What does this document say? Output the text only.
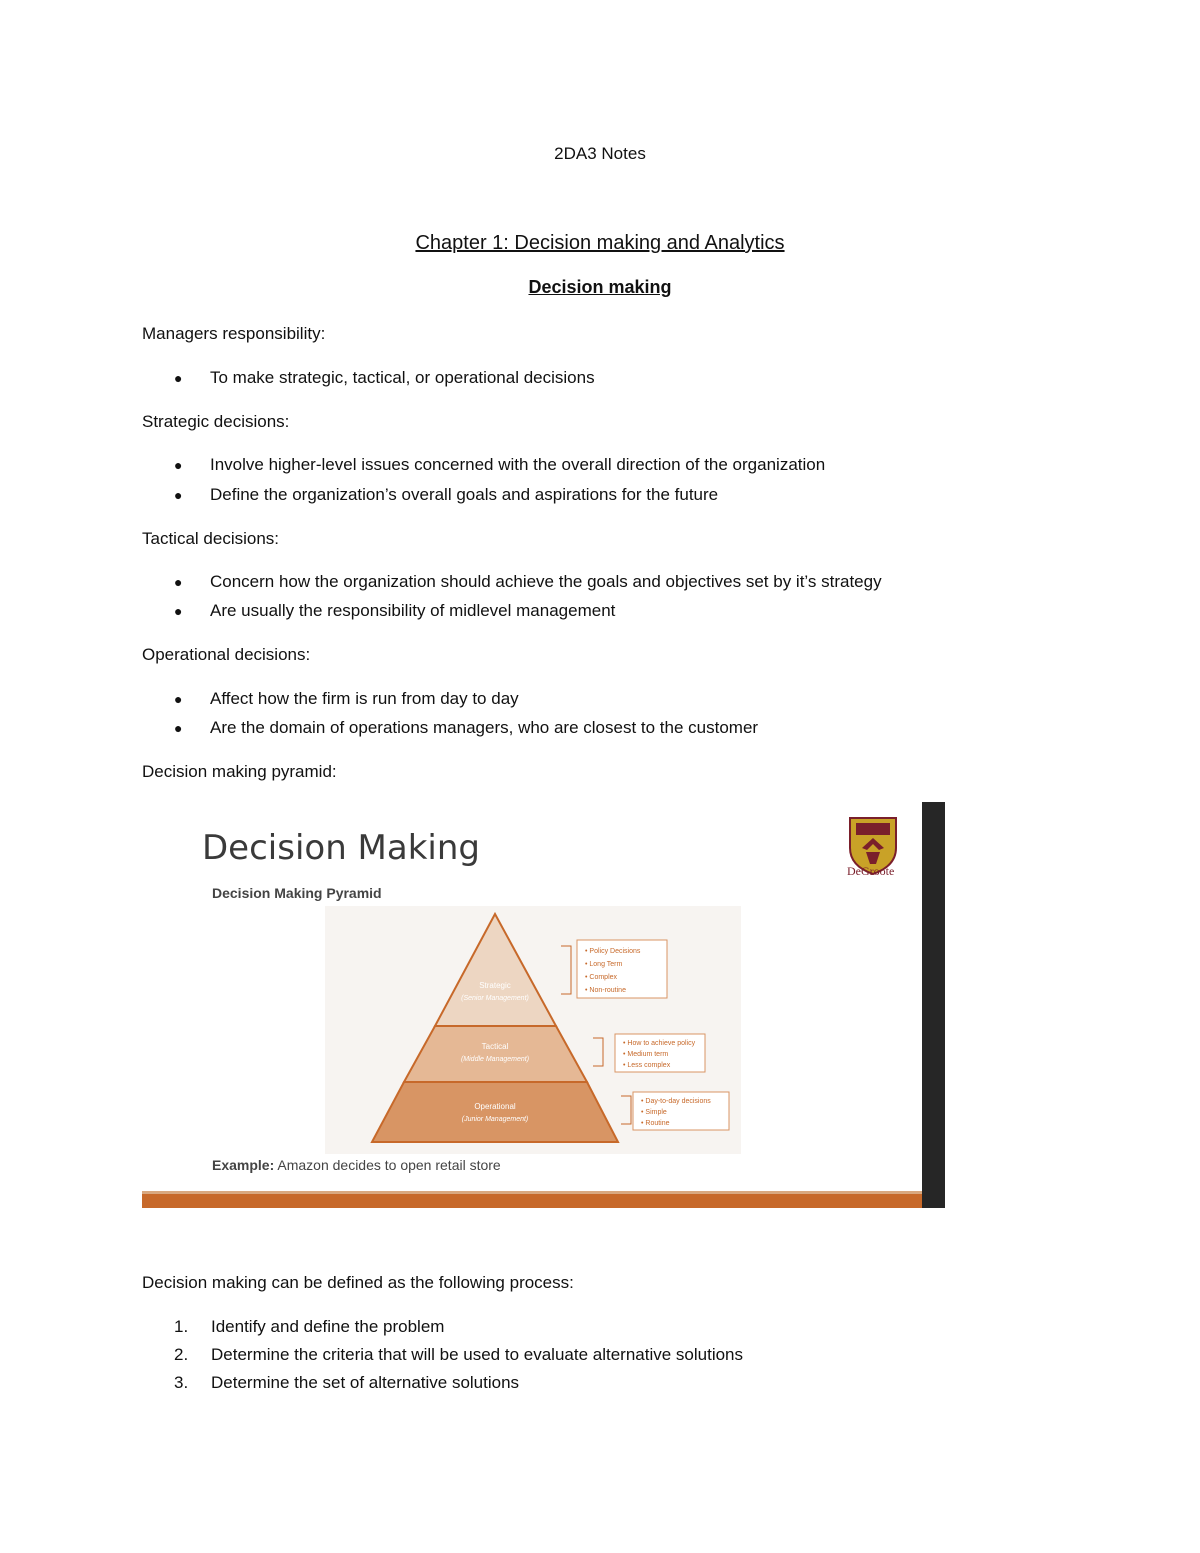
2DA3 Notes
Chapter 1: Decision making and Analytics
Decision making
Managers responsibility:
● To make strategic, tactical, or operational decisions
Strategic decisions:
● Involve higher-level issues concerned with the overall direction of the organization
● Define the organization’s overall goals and aspirations for the future
Tactical decisions:
● Concern how the organization should achieve the goals and objectives set by it’s strategy
● Are usually the responsibility of midlevel management
Operational decisions:
● Affect how the firm is run from day to day
● Are the domain of operations managers, who are closest to the customer
Decision making pyramid:
Decision Making
Decision Making Pyramid
DeGroote
Strategic
(Senior Management)
Tactical
(Middle Management)
Operational
(Junior Management)
• Policy Decisions
• Long Term
• Complex
• Non-routine
• How to achieve policy
• Medium term
• Less complex
• Day-to-day decisions
• Simple
• Routine
Example: Amazon decides to open retail store
Decision making can be defined as the following process:
1. Identify and define the problem
2. Determine the criteria that will be used to evaluate alternative solutions
3. Determine the set of alternative solutions
